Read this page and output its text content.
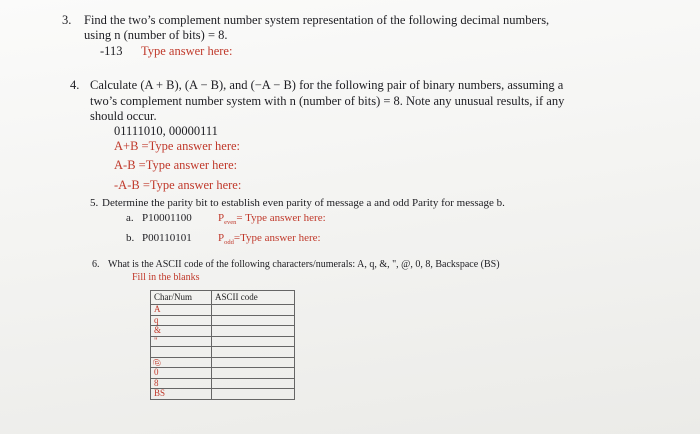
3. Find the two’s complement number system representation of the following decimal numbers,
using n (number of bits) = 8.
-113 Type answer here:
4. Calculate (A + B), (A − B), and (−A − B) for the following pair of binary numbers, assuming a
two’s complement number system with n (number of bits) = 8. Note any unusual results, if any
should occur.
01111010, 00000111
A+B =Type answer here:
A-B =Type answer here:
-A-B =Type answer here:
5. Determine the parity bit to establish even parity of message a and odd Parity for message b.
a. P10001100 $P_{even}=$ Type answer here:
b. P00110101 $P_{odd}=Type$ answer here:
6. What is the ASCII code of the following characters/numerals: A, q, &, ", @, 0, 8, Backspace (BS)
Fill in the blanks
Char/Num	ASCII code
A	
q	
&	
"	

@	
0	
8	
BS	
